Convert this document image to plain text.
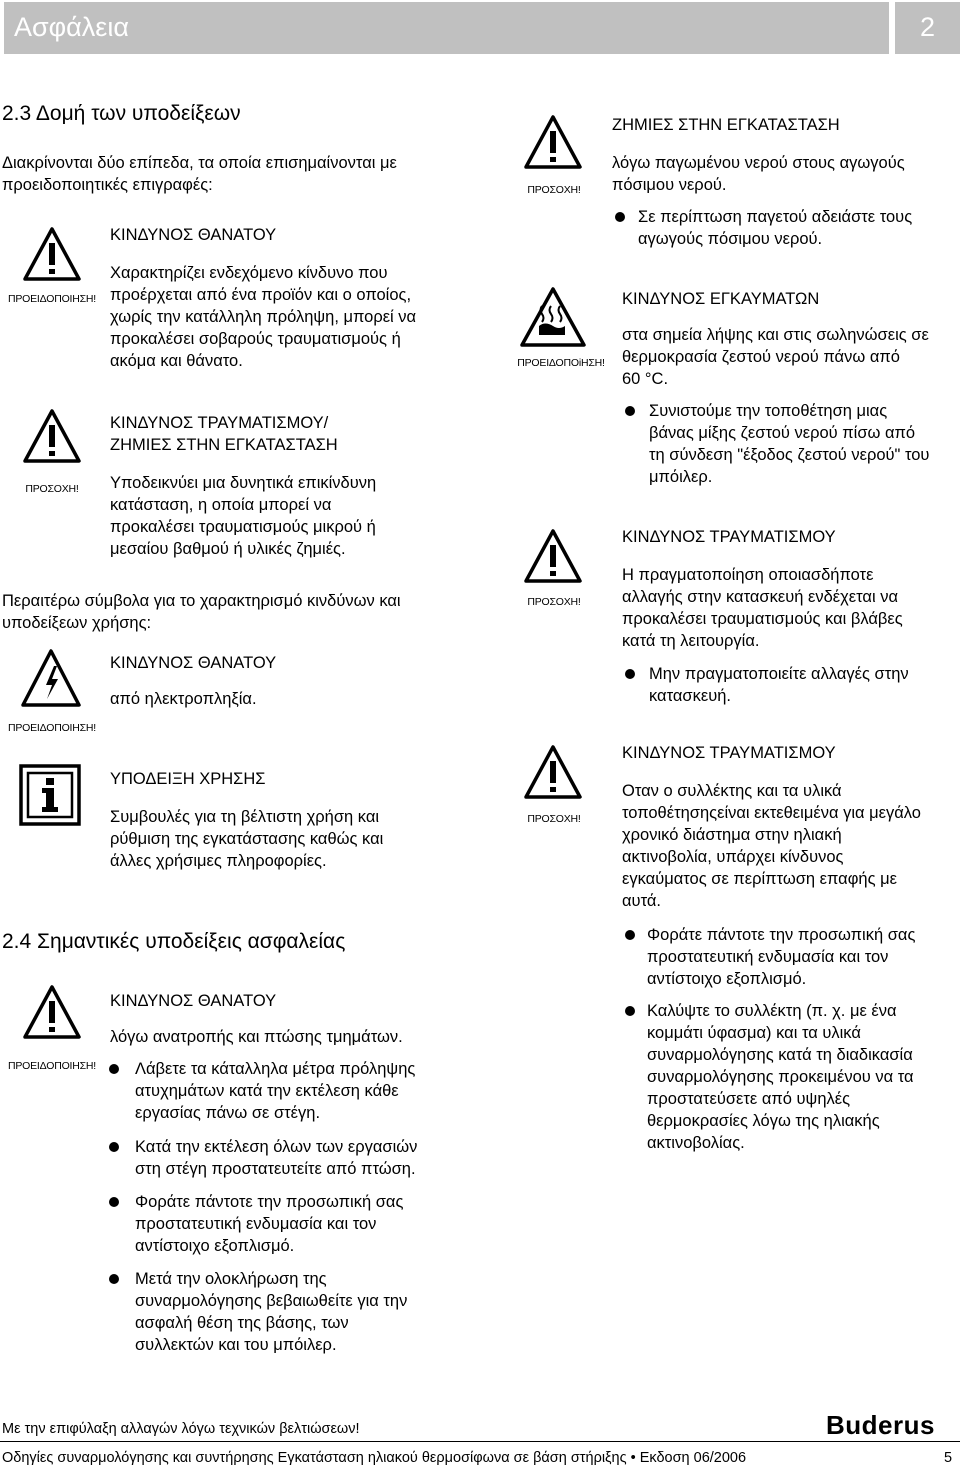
Ασφάλεια	2
2.3 Δομή των υποδείξεων
Διακρίνονται δύο επίπεδα, τα οποία επισημαίνονται με
προειδοποιητικές επιγραφές:
ΠΡΟΕΙΔΟΠΟΙΗΣΗ!
ΚΙΝΔΥΝΟΣ ΘΑΝΑΤΟΥ
Χαρακτηρίζει ενδεχόμενο κίνδυνο που
προέρχεται από ένα προϊόν και ο οποίος,
χωρίς την κατάλληλη πρόληψη, μπορεί να
προκαλέσει σοβαρούς τραυματισμούς ή
ακόμα και θάνατο.
ΠΡΟΣΟΧΗ!
ΚΙΝΔΥΝΟΣ ΤΡΑΥΜΑΤΙΣΜΟΥ/
ΖΗΜΙΕΣ ΣΤΗΝ ΕΓΚΑΤΑΣΤΑΣΗ
Υποδεικνύει μια δυνητικά επικίνδυνη
κατάσταση, η οποία μπορεί να
προκαλέσει τραυματισμούς μικρού ή
μεσαίου βαθμού ή υλικές ζημιές.
Περαιτέρω σύμβολα για το χαρακτηρισμό κινδύνων και
υποδείξεων χρήσης:
ΠΡΟΕΙΔΟΠΟΙΗΣΗ!
ΚΙΝΔΥΝΟΣ ΘΑΝΑΤΟΥ
από ηλεκτροπληξία.
ΥΠΟΔΕΙΞΗ ΧΡΗΣΗΣ
Συμβουλές για τη βέλτιστη χρήση και
ρύθμιση της εγκατάστασης καθώς και
άλλες χρήσιμες πληροφορίες.
2.4 Σημαντικές υποδείξεις ασφαλείας
ΠΡΟΕΙΔΟΠΟΙΗΣΗ!
ΚΙΝΔΥΝΟΣ ΘΑΝΑΤΟΥ
λόγω ανατροπής και πτώσης τμημάτων.
Λάβετε τα κάταλληλα μέτρα πρόληψης
ατυχημάτων κατά την εκτέλεση κάθε
εργασίας πάνω σε στέγη.
Κατά την εκτέλεση όλων των εργασιών
στη στέγη προστατευτείτε από πτώση.
Φοράτε πάντοτε την προσωπική σας
προστατευτική ενδυμασία και τον
αντίστοιχο εξοπλισμό.
Μετά την ολοκλήρωση της
συναρμολόγησης βεβαιωθείτε για την
ασφαλή θέση της βάσης, των
συλλεκτών και του μπόιλερ.
ΠΡΟΣΟΧΗ!
ΖΗΜΙΕΣ ΣΤΗΝ ΕΓΚΑΤΑΣΤΑΣΗ
λόγω παγωμένου νερού στους αγωγούς
πόσιμου νερού.
Σε περίπτωση παγετού αδειάστε τους
αγωγούς πόσιμου νερού.
ΠΡΟΕΙΔΟΠΟiΗΣΗ!
ΚΙΝΔΥΝΟΣ ΕΓΚΑΥΜΑΤΩΝ
στα σημεία λήψης και στις σωληνώσεις σε
θερμοκρασία ζεστού νερού πάνω από
60 °C.
Συνιστούμε την τοποθέτηση μιας
βάνας μίξης ζεστού νερού πίσω από
τη σύνδεση "έξοδος ζεστού νερού" του
μπόιλερ.
ΠΡΟΣΟΧΗ!
ΚΙΝΔΥΝΟΣ ΤΡΑΥΜΑΤΙΣΜΟΥ
Η πραγματοποίηση οποιασδήποτε
αλλαγής στην κατασκευή ενδέχεται να
προκαλέσει τραυματισμούς και βλάβες
κατά τη λειτουργία.
Μην πραγματοποιείτε αλλαγές στην
κατασκευή.
ΠΡΟΣΟΧΗ!
ΚΙΝΔΥΝΟΣ ΤΡΑΥΜΑΤΙΣΜΟΥ
Οταν ο συλλέκτης και τα υλικά
τοποθέτησηςείναι εκτεθειμένα για μεγάλο
χρονικό διάστημα στην ηλιακή
ακτινοβολία, υπάρχει κίνδυνος
εγκαύματος σε περίπτωση επαφής με
αυτά.
Φοράτε πάντοτε την προσωπική σας
προστατευτική ενδυμασία και τον
αντίστοιχο εξοπλισμό.
Καλύψτε το συλλέκτη (π. χ. με ένα
κομμάτι ύφασμα) και τα υλικά
συναρμολόγησης κατά τη διαδικασία
συναρμολόγησης προκειμένου να τα
προστατεύσετε από υψηλές
θερμοκρασίες λόγω της ηλιακής
ακτινοβολίας.
Με την επιφύλαξη αλλαγών λόγω τεχνικών βελτιώσεων!	Buderus
Οδηγίες συναρμολόγησης και συντήρησης Εγκατάσταση ηλιακού θερμοσίφωνα σε βάση στήριξης • Εκδοση 06/2006	5
